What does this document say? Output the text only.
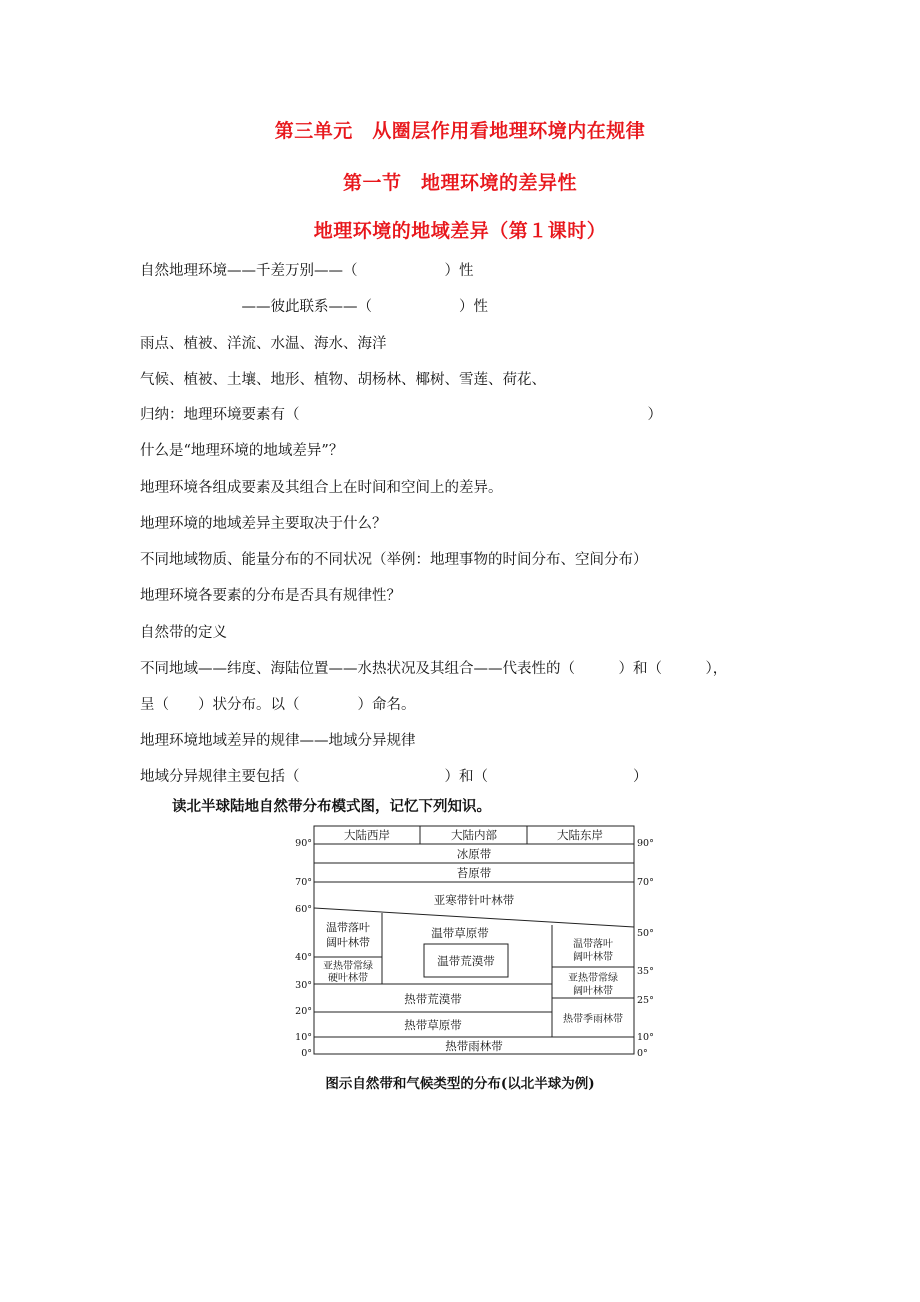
第三单元　从圈层作用看地理环境内在规律
第一节　地理环境的差异性
地理环境的地域差异（第１课时）
自然地理环境——千差万别——（　　　　　　）性
　　　　　　　——彼此联系——（　　　　　　）性
雨点、植被、洋流、水温、海水、海洋
气候、植被、土壤、地形、植物、胡杨林、椰树、雪莲、荷花、
归纳：地理环境要素有（　　　　　　　　　　　　　　　　　　　　　　　　）
什么是“地理环境的地域差异”？
地理环境各组成要素及其组合上在时间和空间上的差异。
地理环境的地域差异主要取决于什么？
不同地域物质、能量分布的不同状况（举例：地理事物的时间分布、空间分布）
地理环境各要素的分布是否具有规律性？
自然带的定义
不同地域——纬度、海陆位置——水热状况及其组合——代表性的（　　　）和（　　　），
呈（　　）状分布。以（　　　　）命名。
地理环境地域差异的规律——地域分异规律
地域分异规律主要包括（　　　　　　　　　　）和（　　　　　　　　　　）
读北半球陆地自然带分布模式图，记忆下列知识。
大陆西岸	大陆内部	大陆东岸
冰原带
苔原带
亚寒带针叶林带
温带草原带
温带荒漠带
热带荒漠带
热带草原带
热带雨林带
温带落叶
阔叶林带
亚热带常绿
硬叶林带
温带落叶
阔叶林带
亚热带常绿
阔叶林带
热带季雨林带
90°
70°
60°
40°
30°
20°
10°
0°
90°
70°
50°
35°
25°
10°
0°
图示自然带和气候类型的分布(以北半球为例)
